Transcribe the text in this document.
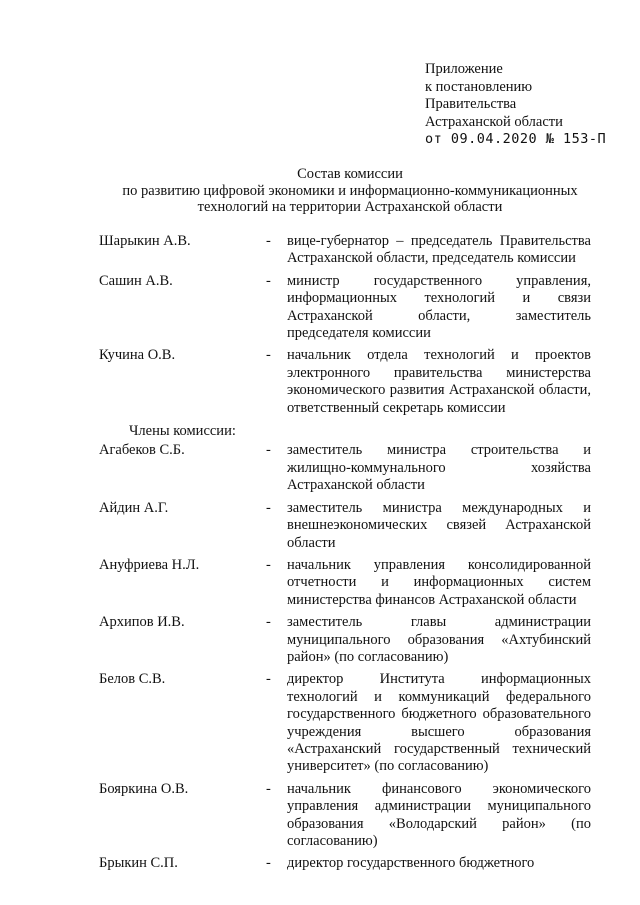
Приложение
к постановлению
Правительства
Астраханской области
от 09.04.2020 № 153-П
Состав комиссии
по развитию цифровой экономики и информационно-коммуникационных
технологий на территории Астраханской области
Шарыкин А.В.	- вице-губернатор – председатель Правительства Астраханской области, председатель комиссии
Сашин А.В.	- министр государственного управления, информационных технологий и связи Астраханской области, заместитель председателя комиссии
Кучина О.В.	- начальник отдела технологий и проектов электронного правительства министерства экономического развития Астраханской области, ответственный секретарь комиссии
Члены комиссии:
Агабеков С.Б.	- заместитель министра строительства и жилищно-коммунального хозяйства Астраханской области
Айдин А.Г.	- заместитель министра международных и внешнеэкономических связей Астраханской области
Ануфриева Н.Л.	- начальник управления консолидированной отчетности и информационных систем министерства финансов Астраханской области
Архипов И.В.	- заместитель главы администрации муниципального образования «Ахтубинский район» (по согласованию)
Белов С.В.	- директор Института информационных технологий и коммуникаций федерального государственного бюджетного образовательного учреждения высшего образования «Астраханский государственный технический университет» (по согласованию)
Бояркина О.В.	- начальник финансового экономического управления администрации муниципального образования «Володарский район» (по согласованию)
Брыкин С.П.	- директор государственного бюджетного
